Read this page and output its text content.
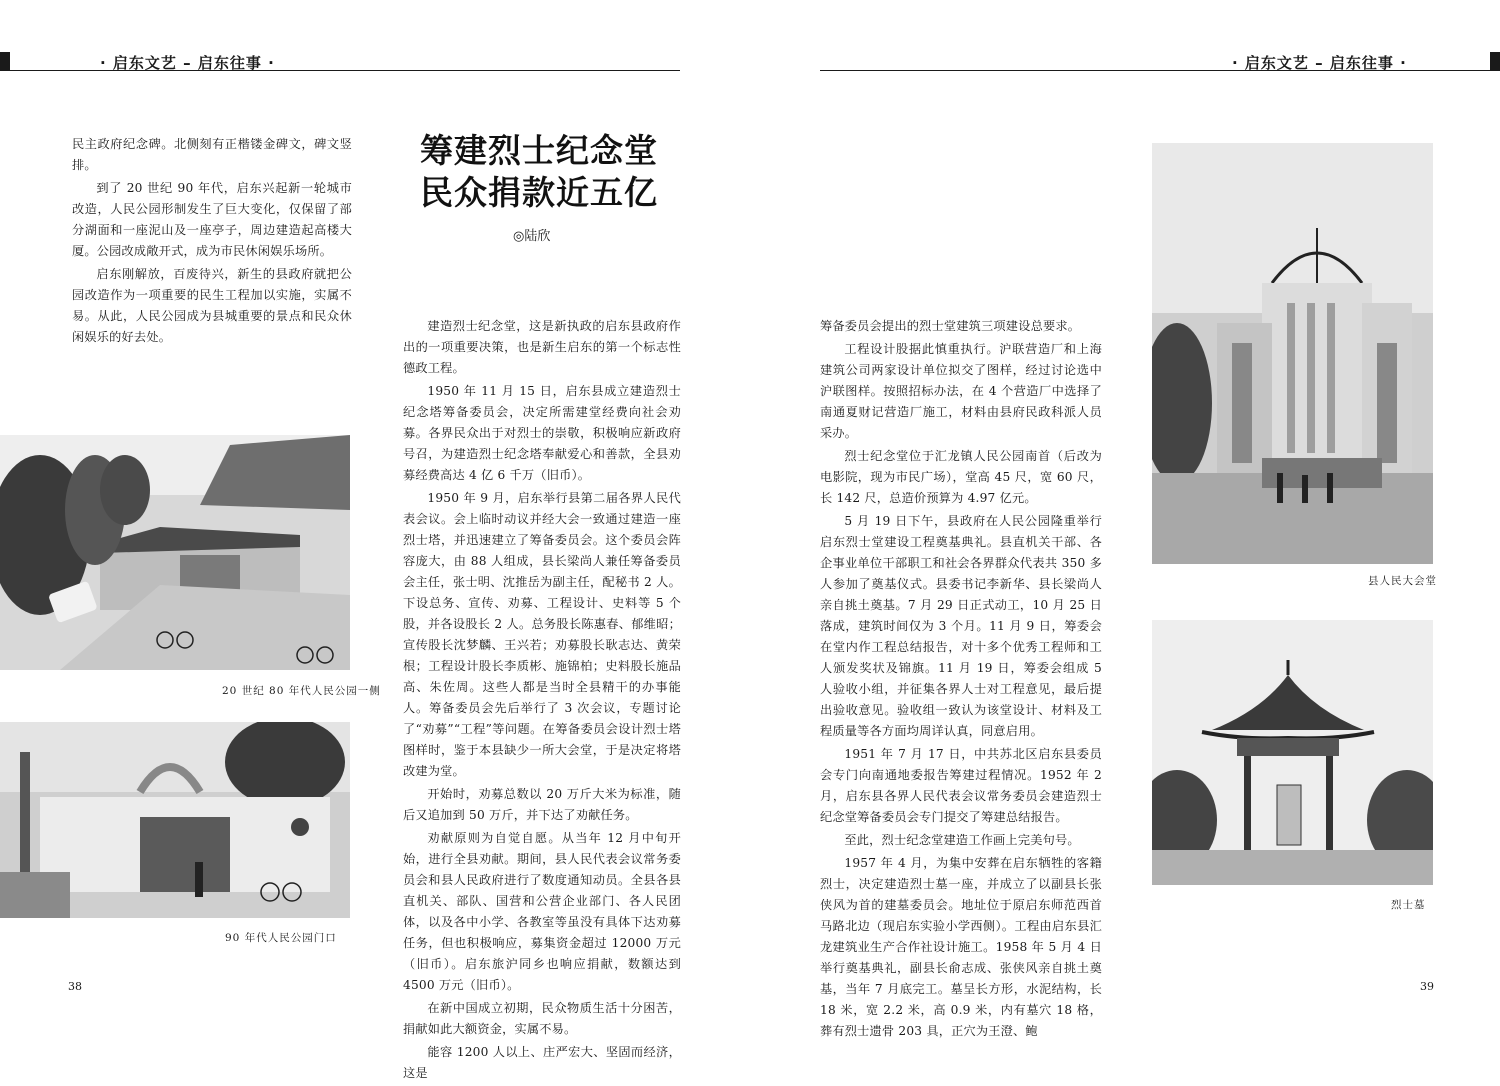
· 启东文艺 – 启东往事 ·	· 启东文艺 – 启东往事 ·

民主政府纪念碑。北侧刻有正楷镂金碑文，碑文竖排。

到了 20 世纪 90 年代，启东兴起新一轮城市改造，人民公园形制发生了巨大变化，仅保留了部分湖面和一座泥山及一座亭子，周边建造起高楼大厦。公园改成敞开式，成为市民休闲娱乐场所。

启东刚解放，百废待兴，新生的县政府就把公园改造作为一项重要的民生工程加以实施，实属不易。从此，人民公园成为县城重要的景点和民众休闲娱乐的好去处。

筹建烈士纪念堂
民众捐款近五亿
◎陆欣
20 世纪 80 年代人民公园一侧
90 年代人民公园门口

建造烈士纪念堂，这是新执政的启东县政府作出的一项重要决策，也是新生启东的第一个标志性德政工程。

1950 年 11 月 15 日，启东县成立建造烈士纪念塔筹备委员会，决定所需建堂经费向社会劝募。各界民众出于对烈士的崇敬，积极响应新政府号召，为建造烈士纪念塔奉献爱心和善款，全县劝募经费高达 4 亿 6 千万（旧币）。

1950 年 9 月，启东举行县第二届各界人民代表会议。会上临时动议并经大会一致通过建造一座烈士塔，并迅速建立了筹备委员会。这个委员会阵容庞大，由 88 人组成，县长梁尚人兼任筹备委员会主任，张士明、沈推岳为副主任，配秘书 2 人。下设总务、宣传、劝募、工程设计、史料等 5 个股，并各设股长 2 人。总务股长陈惠春、郁维昭；宣传股长沈梦麟、王兴若；劝募股长耿志达、黄荣根；工程设计股长李质彬、施锦柏；史料股长施品高、朱佐周。这些人都是当时全县精干的办事能人。筹备委员会先后举行了 3 次会议，专题讨论了“劝募”“工程”等问题。在筹备委员会设计烈士塔图样时，鉴于本县缺少一所大会堂，于是决定将塔改建为堂。

开始时，劝募总数以 20 万斤大米为标准，随后又追加到 50 万斤，并下达了劝献任务。

劝献原则为自觉自愿。从当年 12 月中旬开始，进行全县劝献。期间，县人民代表会议常务委员会和县人民政府进行了数度通知动员。全县各县直机关、部队、国营和公营企业部门、各人民团体，以及各中小学、各教室等虽没有具体下达劝募任务，但也积极响应，募集资金超过 12000 万元（旧币）。启东旅沪同乡也响应捐献，数额达到 4500 万元（旧币）。

在新中国成立初期，民众物质生活十分困苦，捐献如此大额资金，实属不易。

能容 1200 人以上、庄严宏大、坚固而经济，这是

筹备委员会提出的烈士堂建筑三项建设总要求。

工程设计股据此慎重执行。沪联营造厂和上海建筑公司两家设计单位拟交了图样，经过讨论选中沪联图样。按照招标办法，在 4 个营造厂中选择了南通夏财记营造厂施工，材料由县府民政科派人员采办。

烈士纪念堂位于汇龙镇人民公园南首（后改为电影院，现为市民广场），堂高 45 尺，宽 60 尺，长 142 尺，总造价预算为 4.97 亿元。

5 月 19 日下午，县政府在人民公园隆重举行启东烈士堂建设工程奠基典礼。县直机关干部、各企事业单位干部职工和社会各界群众代表共 350 多人参加了奠基仪式。县委书记李新华、县长梁尚人亲自挑土奠基。7 月 29 日正式动工，10 月 25 日落成，建筑时间仅为 3 个月。11 月 9 日，筹委会在堂内作工程总结报告，对十多个优秀工程师和工人颁发奖状及锦旗。11 月 19 日，筹委会组成 5 人验收小组，并征集各界人士对工程意见，最后提出验收意见。验收组一致认为该堂设计、材料及工程质量等各方面均周详认真，同意启用。

1951 年 7 月 17 日，中共苏北区启东县委员会专门向南通地委报告筹建过程情况。1952 年 2 月，启东县各界人民代表会议常务委员会建造烈士纪念堂筹备委员会专门提交了筹建总结报告。

至此，烈士纪念堂建造工作画上完美句号。

1957 年 4 月，为集中安葬在启东牺牲的客籍烈士，决定建造烈士墓一座，并成立了以副县长张侠风为首的建墓委员会。地址位于原启东师范西首马路北边（现启东实验小学西侧）。工程由启东县汇龙建筑业生产合作社设计施工。1958 年 5 月 4 日举行奠基典礼，副县长俞志成、张侠风亲自挑土奠基，当年 7 月底完工。墓呈长方形，水泥结构，长 18 米，宽 2.2 米，高 0.9 米，内有墓穴 18 格，葬有烈士遗骨 203 具，正穴为王澄、鲍

县人民大会堂
烈士墓
38	39
